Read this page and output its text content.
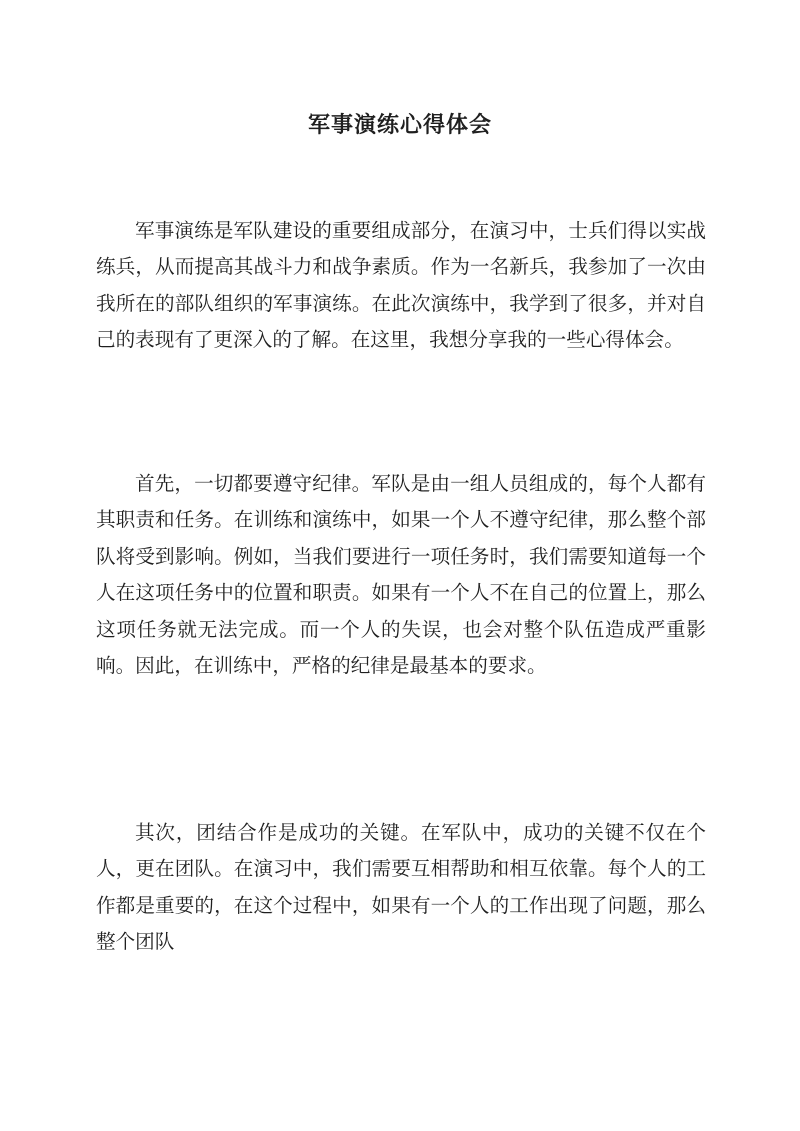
军事演练心得体会

军事演练是军队建设的重要组成部分，在演习中，士兵们得以实战练兵，从而提高其战斗力和战争素质。作为一名新兵，我参加了一次由我所在的部队组织的军事演练。在此次演练中，我学到了很多，并对自己的表现有了更深入的了解。在这里，我想分享我的一些心得体会。

首先，一切都要遵守纪律。军队是由一组人员组成的，每个人都有其职责和任务。在训练和演练中，如果一个人不遵守纪律，那么整个部队将受到影响。例如，当我们要进行一项任务时，我们需要知道每一个人在这项任务中的位置和职责。如果有一个人不在自己的位置上，那么这项任务就无法完成。而一个人的失误，也会对整个队伍造成严重影响。因此，在训练中，严格的纪律是最基本的要求。

其次，团结合作是成功的关键。在军队中，成功的关键不仅在个人，更在团队。在演习中，我们需要互相帮助和相互依靠。每个人的工作都是重要的，在这个过程中，如果有一个人的工作出现了问题，那么整个团队
